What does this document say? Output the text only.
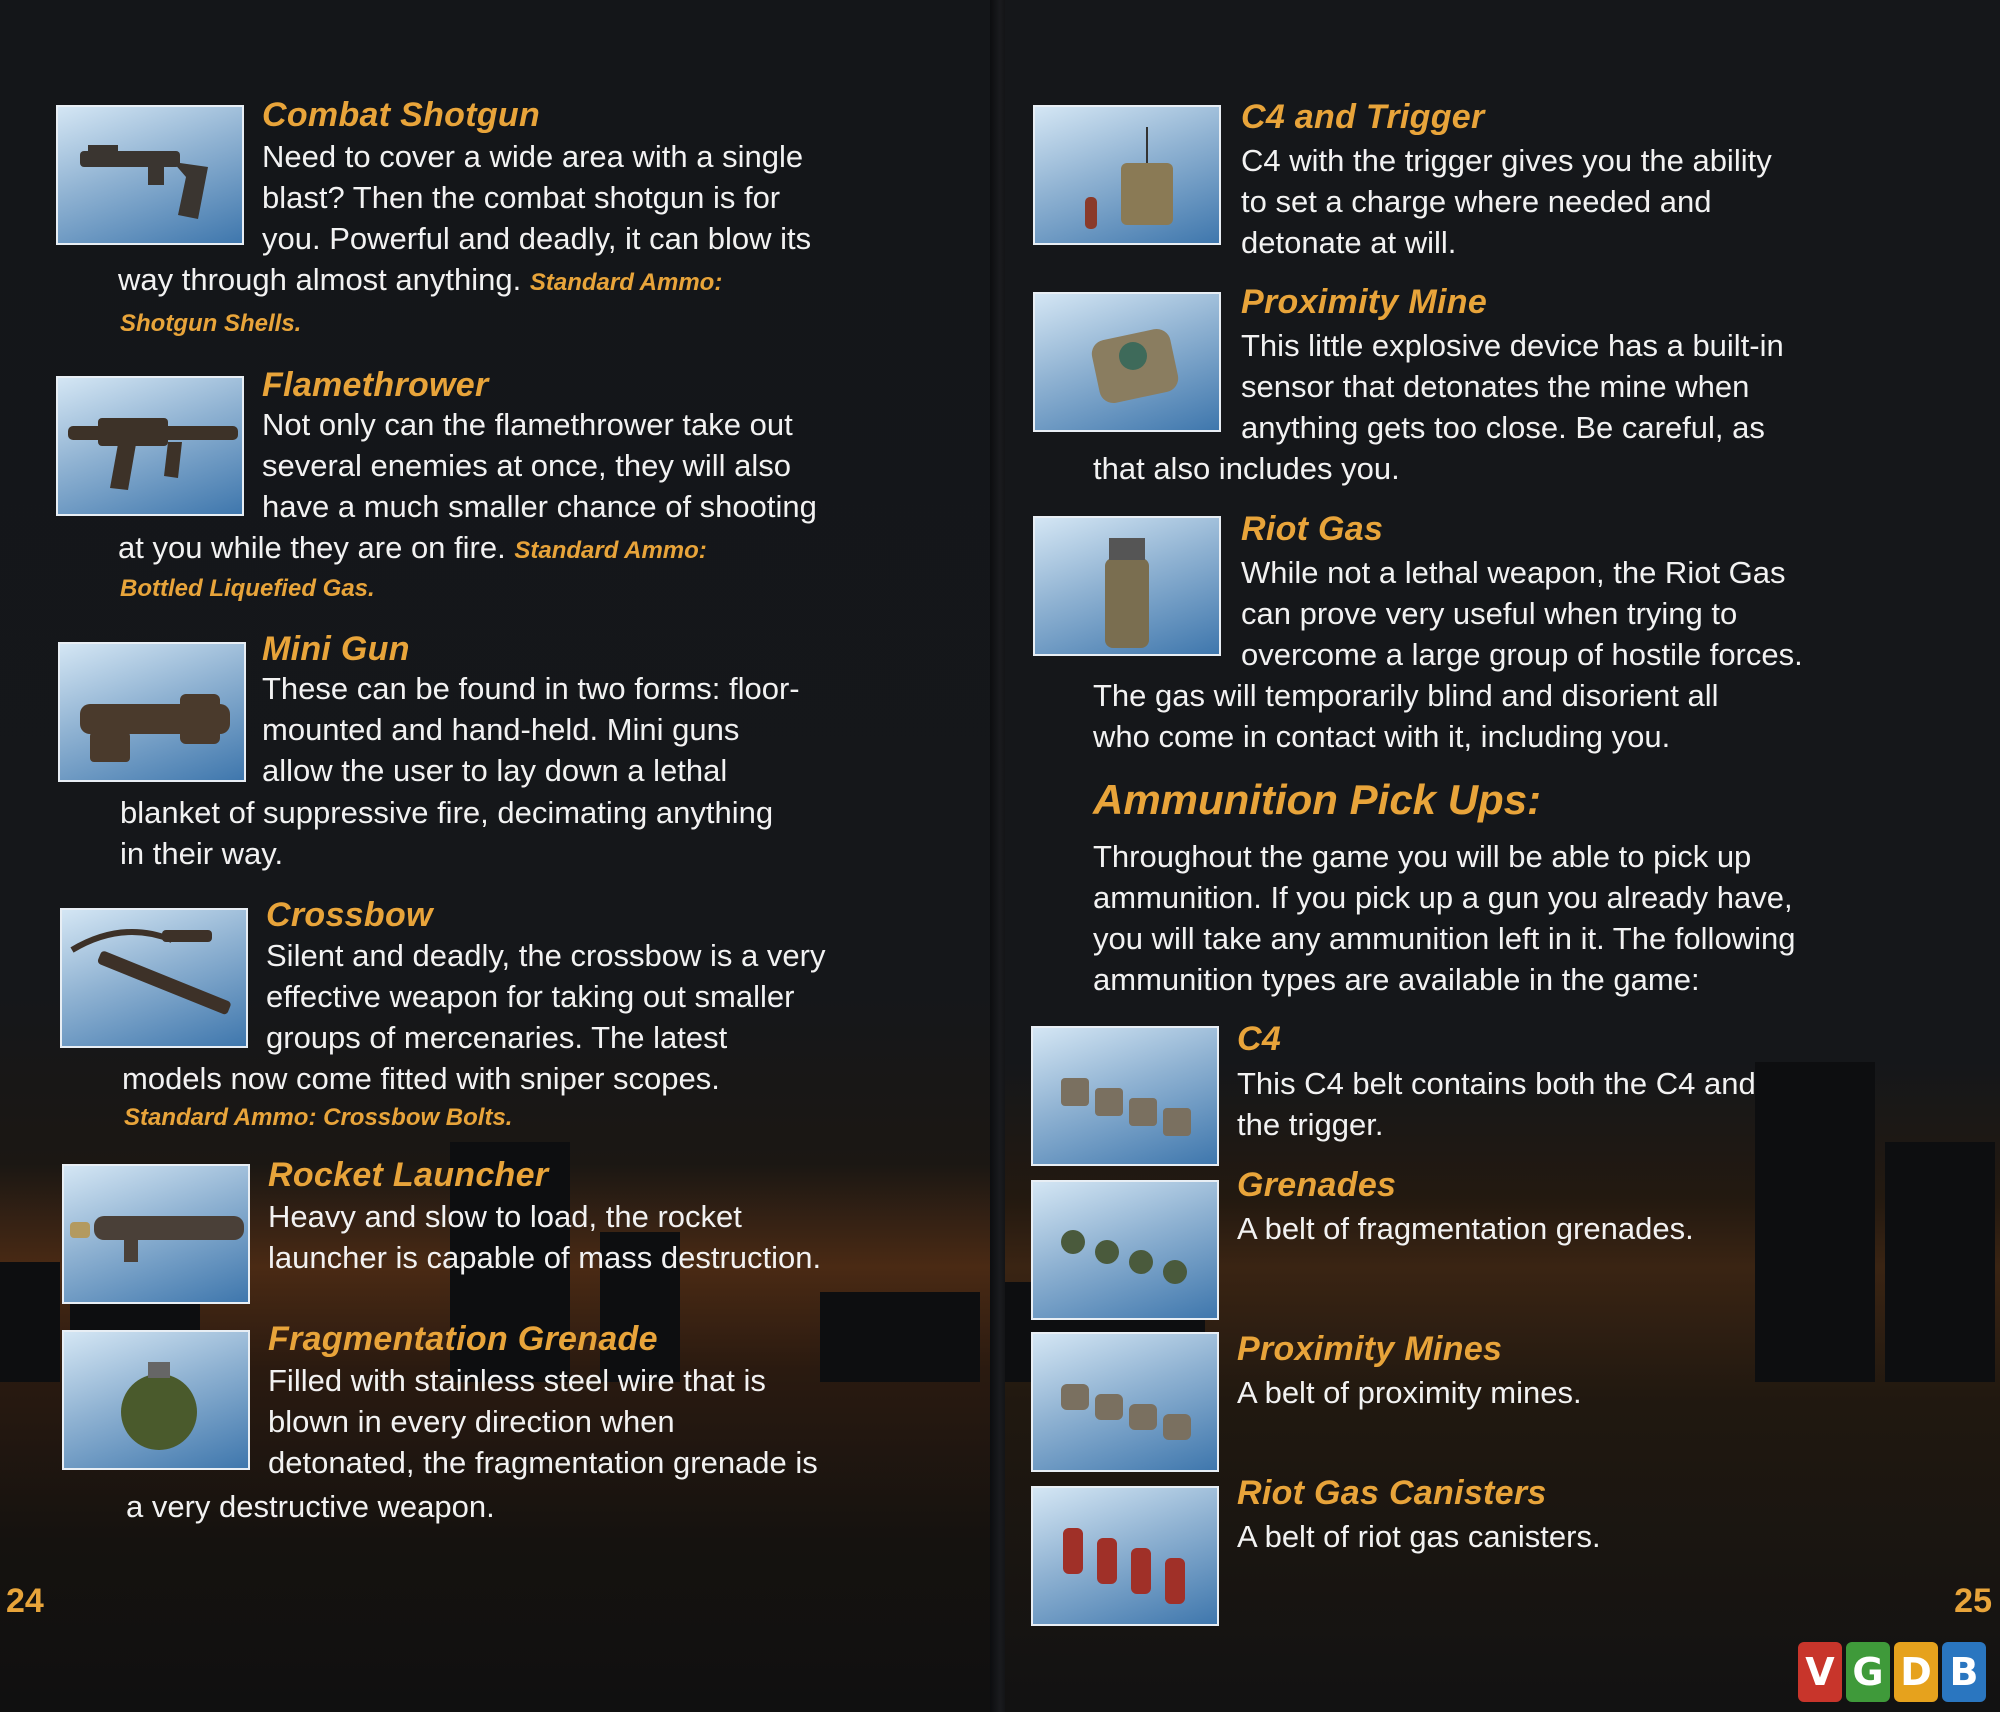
Combat Shotgun
Need to cover a wide area with a single
blast? Then the combat shotgun is for
you. Powerful and deadly, it can blow its
way through almost anything. Standard Ammo:
Shotgun Shells.
Flamethrower
Not only can the flamethrower take out
several enemies at once, they will also
have a much smaller chance of shooting
at you while they are on fire. Standard Ammo:
Bottled Liquefied Gas.
Mini Gun
These can be found in two forms: floor-
mounted and hand-held. Mini guns
allow the user to lay down a lethal
blanket of suppressive fire, decimating anything
in their way.
Crossbow
Silent and deadly, the crossbow is a very
effective weapon for taking out smaller
groups of mercenaries. The latest
models now come fitted with sniper scopes.
Standard Ammo: Crossbow Bolts.
Rocket Launcher
Heavy and slow to load, the rocket
launcher is capable of mass destruction.
Fragmentation Grenade
Filled with stainless steel wire that is
blown in every direction when
detonated, the fragmentation grenade is
a very destructive weapon.
24
C4 and Trigger
C4 with the trigger gives you the ability
to set a charge where needed and
detonate at will.
Proximity Mine
This little explosive device has a built-in
sensor that detonates the mine when
anything gets too close. Be careful, as
that also includes you.
Riot Gas
While not a lethal weapon, the Riot Gas
can prove very useful when trying to
overcome a large group of hostile forces.
The gas will temporarily blind and disorient all
who come in contact with it, including you.
Ammunition Pick Ups:
Throughout the game you will be able to pick up
ammunition. If you pick up a gun you already have,
you will take any ammunition left in it. The following
ammunition types are available in the game:
C4
This C4 belt contains both the C4 and
the trigger.
Grenades
A belt of fragmentation grenades.
Proximity Mines
A belt of proximity mines.
Riot Gas Canisters
A belt of riot gas canisters.
25
V G D B
